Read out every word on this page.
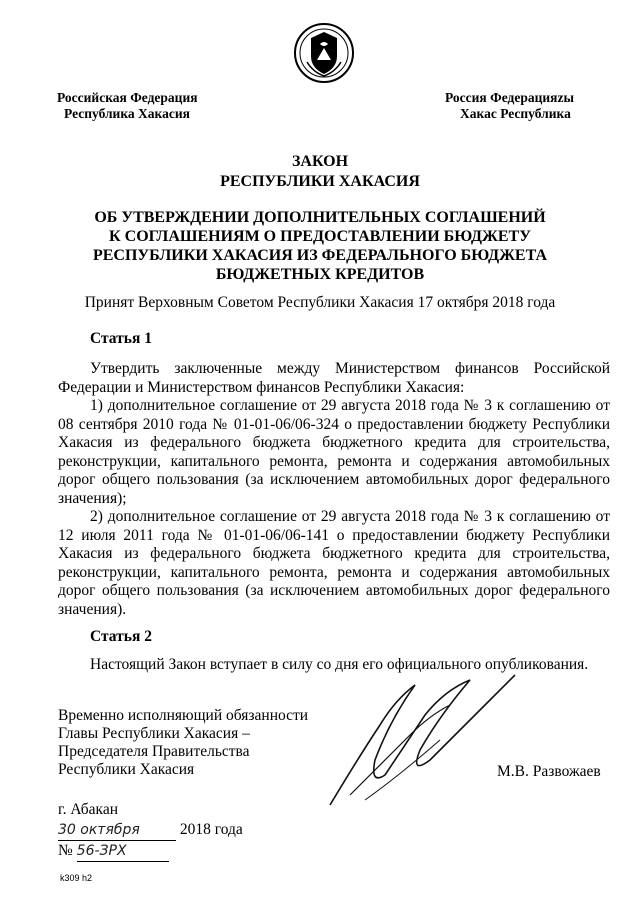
Российская Федерация
Республика Хакасия
Россия Федерацияzы
Хакас Республика
ЗАКОН
РЕСПУБЛИКИ ХАКАСИЯ
ОБ УТВЕРЖДЕНИИ ДОПОЛНИТЕЛЬНЫХ СОГЛАШЕНИЙ
К СОГЛАШЕНИЯМ О ПРЕДОСТАВЛЕНИИ БЮДЖЕТУ
РЕСПУБЛИКИ ХАКАСИЯ ИЗ ФЕДЕРАЛЬНОГО БЮДЖЕТА
БЮДЖЕТНЫХ КРЕДИТОВ
Принят Верховным Советом Республики Хакасия 17 октября 2018 года
Статья 1

Утвердить заключенные между Министерством финансов Российской Федерации и Министерством финансов Республики Хакасия:

1) дополнительное соглашение от 29 августа 2018 года № 3 к соглашению от 08 сентября 2010 года № 01-01-06/06-324 о предоставлении бюджету Республики Хакасия из федерального бюджета бюджетного кредита для строительства, реконструкции, капитального ремонта, ремонта и содержания автомобильных дорог общего пользования (за исключением автомобильных дорог федерального значения);

2) дополнительное соглашение от 29 августа 2018 года № 3 к соглашению от 12 июля 2011 года № 01-01-06/06-141 о предоставлении бюджету Республики Хакасия из федерального бюджета бюджетного кредита для строительства, реконструкции, капитального ремонта, ремонта и содержания автомобильных дорог общего пользования (за исключением автомобильных дорог федерального значения).

Статья 2

Настоящий Закон вступает в силу со дня его официального опубликования.

Временно исполняющий обязанности
Главы Республики Хакасия –
Председателя Правительства
Республики Хакасия	М.В. Развожаев
г. Абакан
30 октября	2018 года
№ 56-ЗРХ
k309 h2
